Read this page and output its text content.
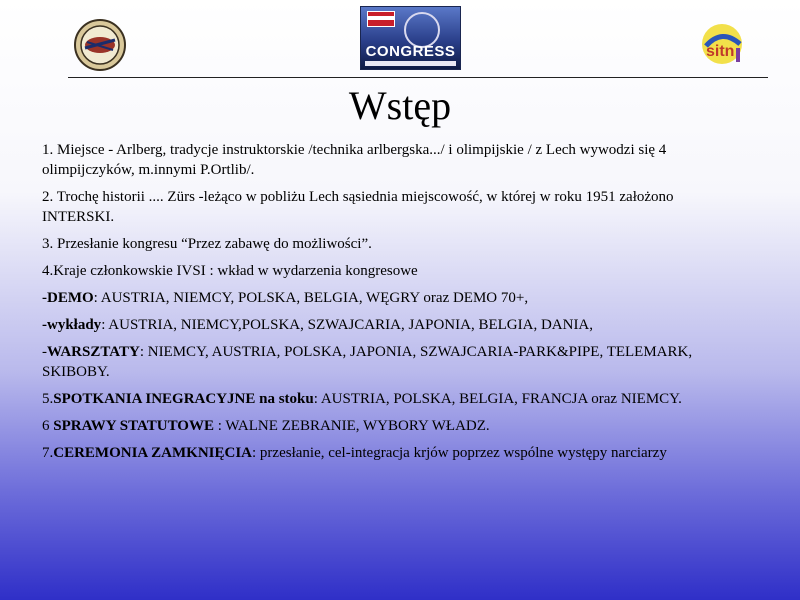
CONGRESS	sitn
Wstęp

1. Miejsce - Arlberg, tradycje instruktorskie /technika arlbergska.../ i olimpijskie / z Lech wywodzi się 4 olimpijczyków, m.innymi P.Ortlib/.

2. Trochę historii .... Zürs -leżąco w pobliżu Lech sąsiednia miejscowość, w której w roku 1951 założono INTERSKI.

3. Przesłanie kongresu “Przez zabawę do możliwości”.

4.Kraje członkowskie IVSI : wkład w wydarzenia kongresowe

-DEMO: AUSTRIA, NIEMCY, POLSKA, BELGIA, WĘGRY oraz DEMO 70+,

-wykłady: AUSTRIA, NIEMCY,POLSKA, SZWAJCARIA, JAPONIA, BELGIA, DANIA,

-WARSZTATY: NIEMCY, AUSTRIA, POLSKA, JAPONIA, SZWAJCARIA-PARK&PIPE, TELEMARK, SKIBOBY.

5.SPOTKANIA INEGRACYJNE na stoku: AUSTRIA, POLSKA, BELGIA, FRANCJA oraz NIEMCY.

6 SPRAWY STATUTOWE : WALNE ZEBRANIE, WYBORY WŁADZ.

7.CEREMONIA ZAMKNIĘCIA: przesłanie, cel-integracja krjów poprzez wspólne występy narciarzy
